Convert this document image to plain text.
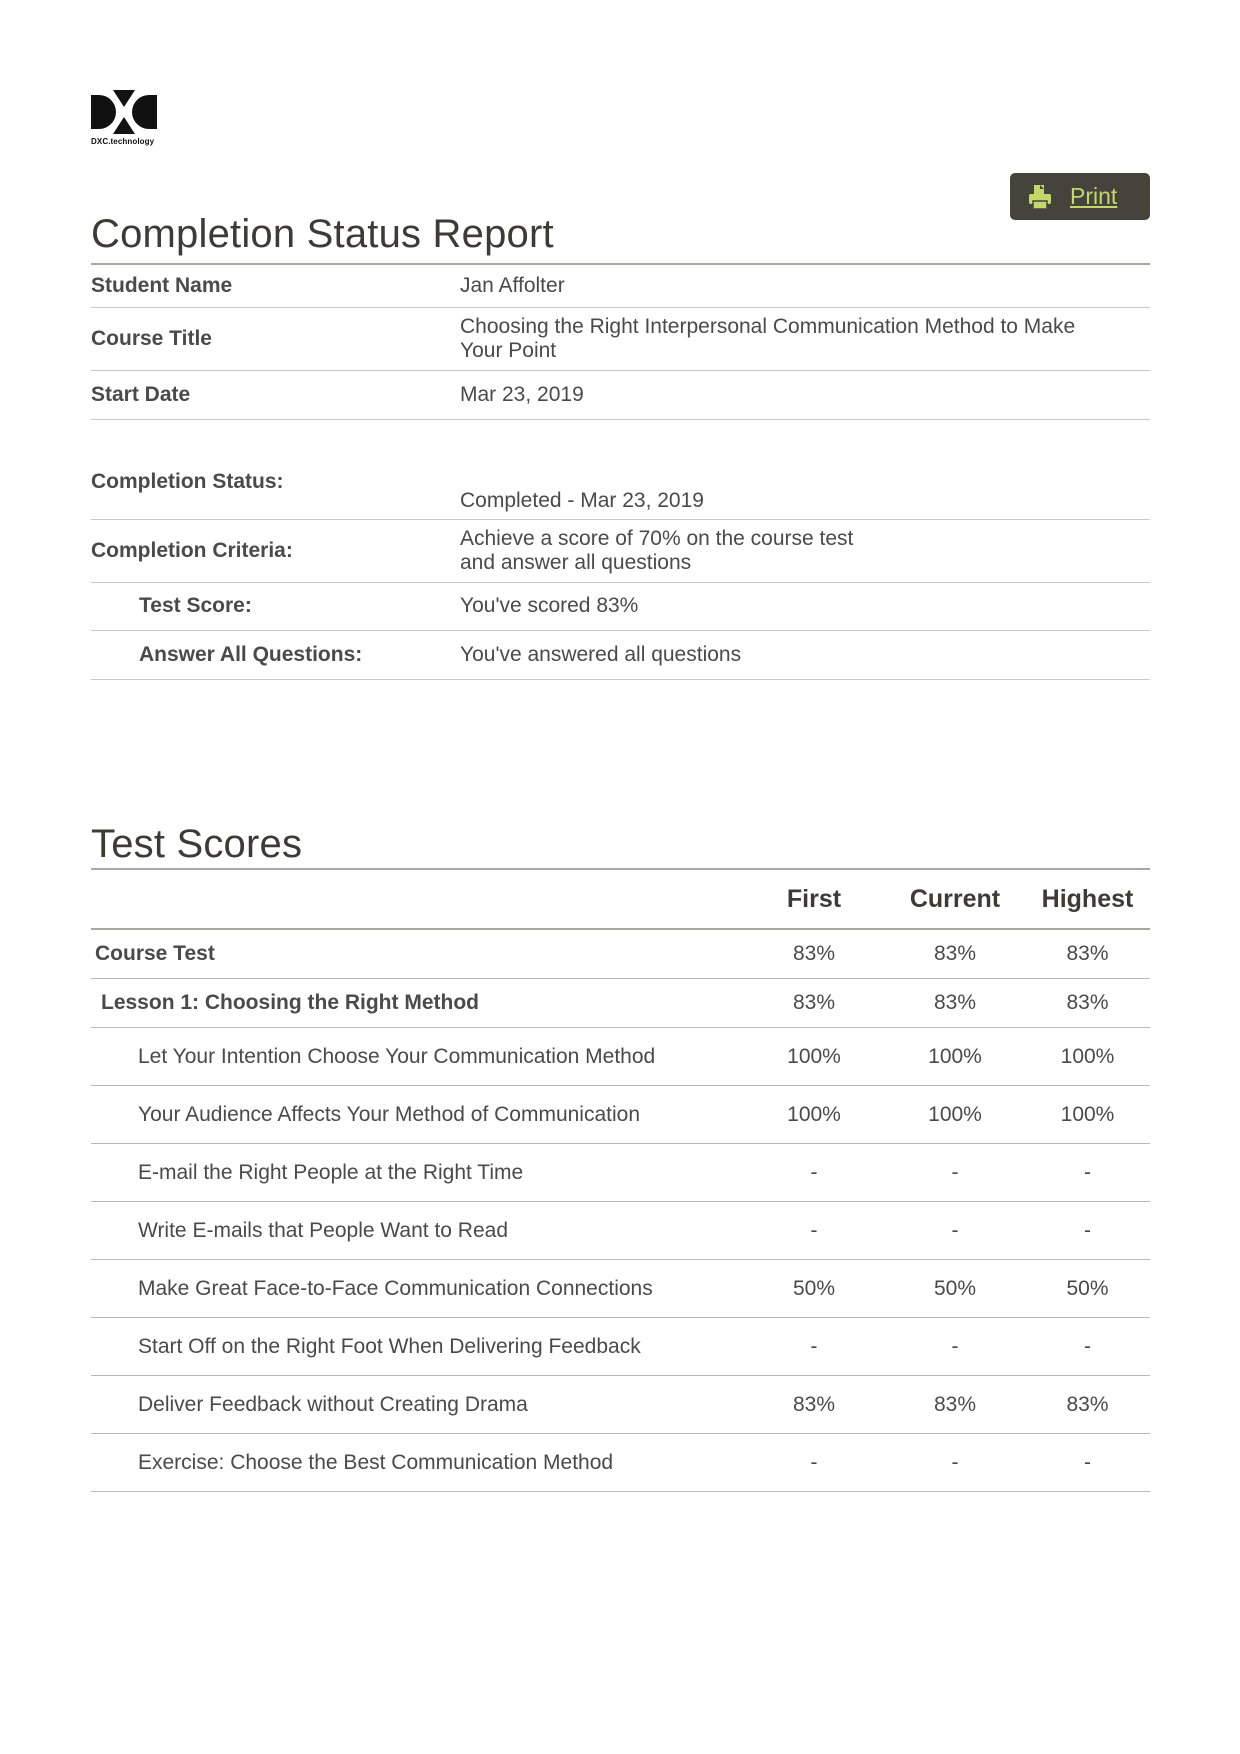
DXC.technology
Print
Completion Status Report
Student Name	Jan Affolter
Course Title	Choosing the Right Interpersonal Communication Method to Make Your Point
Start Date	Mar 23, 2019
Completion Status:	Completed - Mar 23, 2019
Completion Criteria:	Achieve a score of 70% on the course test
and answer all questions

Test Score:	You've scored 83%
Answer All Questions:	You've answered all questions
Test Scores
	First	Current	Highest
Course Test	83%	83%	83%
Lesson 1: Choosing the Right Method	83%	83%	83%
Let Your Intention Choose Your Communication Method	100%	100%	100%
Your Audience Affects Your Method of Communication	100%	100%	100%
E-mail the Right People at the Right Time	-	-	-
Write E-mails that People Want to Read	-	-	-
Make Great Face-to-Face Communication Connections	50%	50%	50%
Start Off on the Right Foot When Delivering Feedback	-	-	-
Deliver Feedback without Creating Drama	83%	83%	83%
Exercise: Choose the Best Communication Method	-	-	-
